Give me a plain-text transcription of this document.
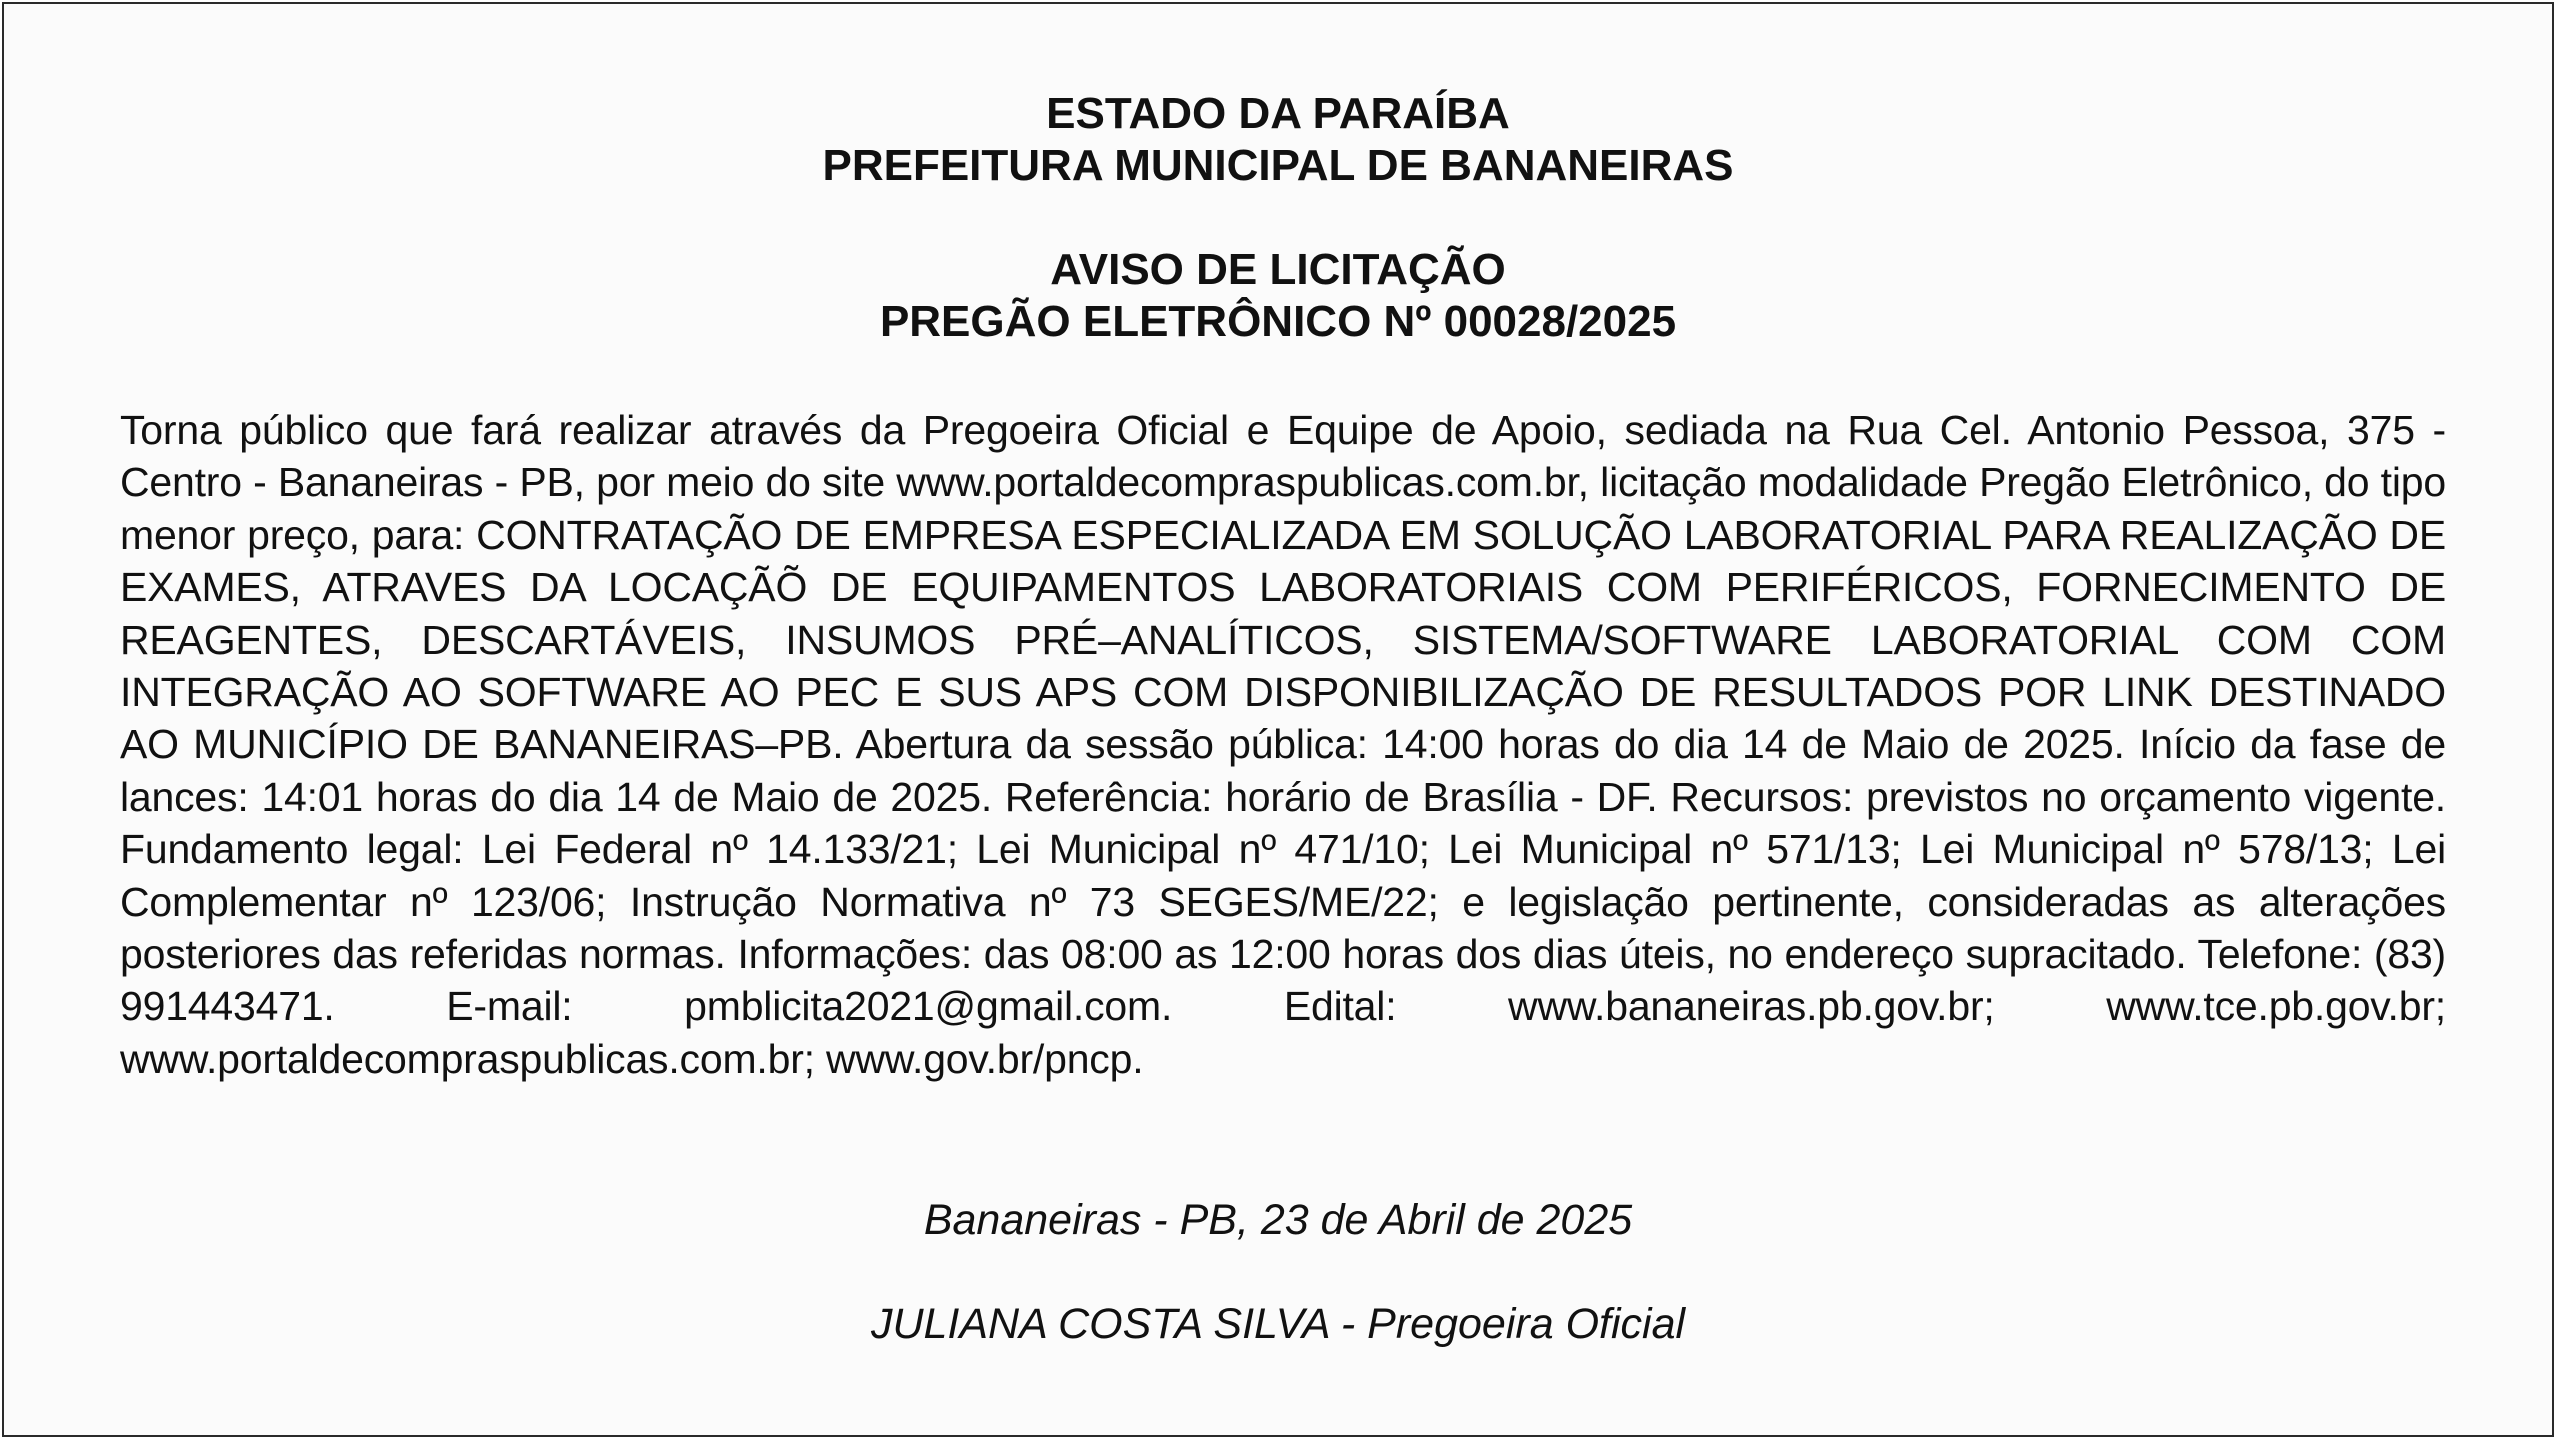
ESTADO DA PARAÍBA
PREFEITURA MUNICIPAL DE BANANEIRAS
AVISO DE LICITAÇÃO
PREGÃO ELETRÔNICO Nº 00028/2025

Torna público que fará realizar através da Pregoeira Oficial e Equipe de Apoio, sediada na Rua Cel. Antonio Pessoa, 375 - Centro - Bananeiras - PB, por meio do site www.portaldecompraspublicas.com.br, licitação modalidade Pregão Eletrônico, do tipo menor preço, para: CONTRATAÇÃO DE EMPRESA ESPECIALIZADA EM SOLUÇÃO LABORATORIAL PARA REALIZAÇÃO DE EXAMES, ATRAVES DA LOCAÇÃÕ DE EQUIPAMENTOS LABORATORIAIS COM PERIFÉRICOS, FORNECIMENTO DE REAGENTES, DESCARTÁVEIS, INSUMOS PRÉ–ANALÍTICOS, SISTEMA/SOFTWARE LABORATORIAL COM COM INTEGRAÇÃO AO SOFTWARE AO PEC E SUS APS COM DISPONIBILIZAÇÃO DE RESULTADOS POR LINK DESTINADO AO MUNICÍPIO DE BANANEIRAS–PB. Abertura da sessão pública: 14:00 horas do dia 14 de Maio de 2025. Início da fase de lances: 14:01 horas do dia 14 de Maio de 2025. Referência: horário de Brasília - DF. Recursos: previstos no orçamento vigente. Fundamento legal: Lei Federal nº 14.133/21; Lei Municipal nº 471/10; Lei Municipal nº 571/13; Lei Municipal nº 578/13; Lei Complementar nº 123/06; Instrução Normativa nº 73 SEGES/ME/22; e legislação pertinente, consideradas as alterações posteriores das referidas normas. Informações: das 08:00 as 12:00 horas dos dias úteis, no endereço supracitado. Telefone: (83) 991443471. E-mail: pmblicita2021@gmail.com. Edital: www.bananeiras.pb.gov.br; www.tce.pb.gov.br; www.portaldecompraspublicas.com.br; www.gov.br/pncp.

Bananeiras - PB, 23 de Abril de 2025

JULIANA COSTA SILVA - Pregoeira Oficial
